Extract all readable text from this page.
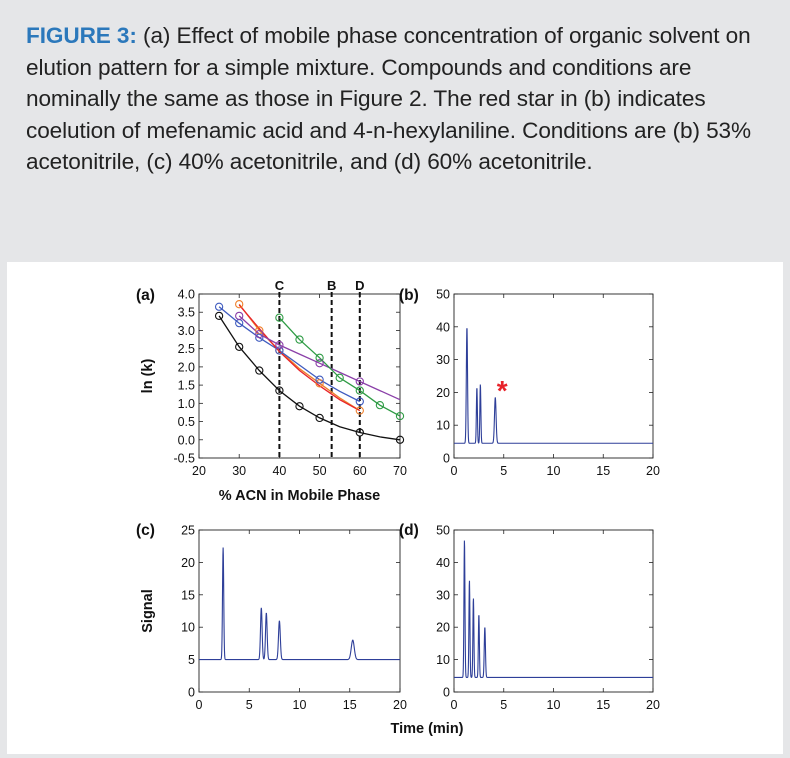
FIGURE 3: (a) Effect of mobile phase concentration of organic solvent on elution pattern for a simple mixture. Compounds and conditions are nominally the same as those in Figure 2. The red star in (b) indicates coelution of mefenamic acid and 4-n-hexylaniline. Conditions are (b) 53% acetonitrile, (c) 40% acetonitrile, and (d) 60% acetonitrile.
20 30 40 50 60 70
-0.5
0.0
0.5
1.0
1.5
2.0
2.5
3.0
3.5
4.0
(a)
C	B D
% ACN in Mobile Phase
ln (k)
0	5	10	15	20
0
10
20
30
40
50
(b)
*
0	5	10	15	20
0
5
10
15
20
25
(c)
0	5	10	15	20
0
10
20
30
40
50
(d)
Signal
Time (min)
